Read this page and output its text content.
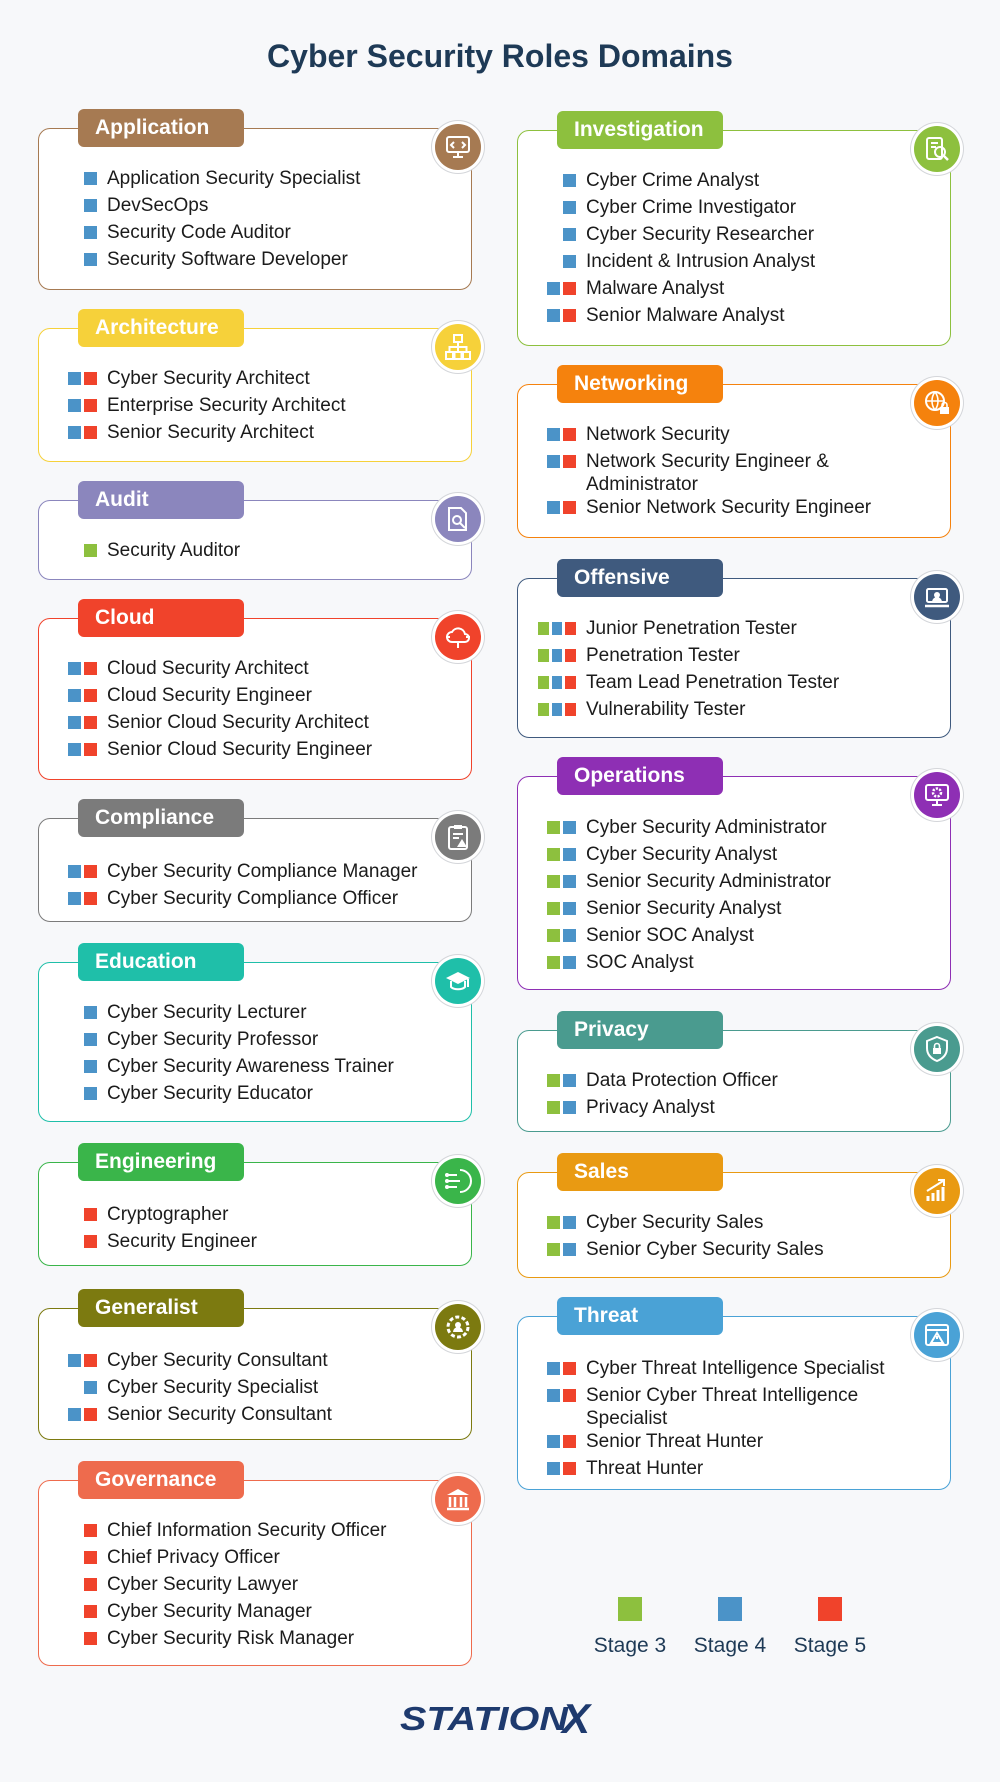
Cyber Security Roles Domains
Application
Application Security Specialist
DevSecOps
Security Code Auditor
Security Software Developer
Architecture
Cyber Security Architect
Enterprise Security Architect
Senior Security Architect
Audit
Security Auditor
Cloud
Cloud Security Architect
Cloud Security Engineer
Senior Cloud Security Architect
Senior Cloud Security Engineer
Compliance
Cyber Security Compliance Manager
Cyber Security Compliance Officer
Education
Cyber Security Lecturer
Cyber Security Professor
Cyber Security Awareness Trainer
Cyber Security Educator
Engineering
Cryptographer
Security Engineer
Generalist
Cyber Security Consultant
Cyber Security Specialist
Senior Security Consultant
Governance
Chief Information Security Officer
Chief Privacy Officer
Cyber Security Lawyer
Cyber Security Manager
Cyber Security Risk Manager
Investigation
Cyber Crime Analyst
Cyber Crime Investigator
Cyber Security Researcher
Incident & Intrusion Analyst
Malware Analyst
Senior Malware Analyst
Networking
Network Security
Network Security Engineer & Administrator
Senior Network Security Engineer
Offensive
Junior Penetration Tester
Penetration Tester
Team Lead Penetration Tester
Vulnerability Tester
Operations
Cyber Security Administrator
Cyber Security Analyst
Senior Security Administrator
Senior Security Analyst
Senior SOC Analyst
SOC Analyst
Privacy
Data Protection Officer
Privacy Analyst
Sales
Cyber Security Sales
Senior Cyber Security Sales
Threat
Cyber Threat Intelligence Specialist
Senior Cyber Threat Intelligence Specialist
Senior Threat Hunter
Threat Hunter
Stage 3	Stage 4	Stage 5
STATION
X
